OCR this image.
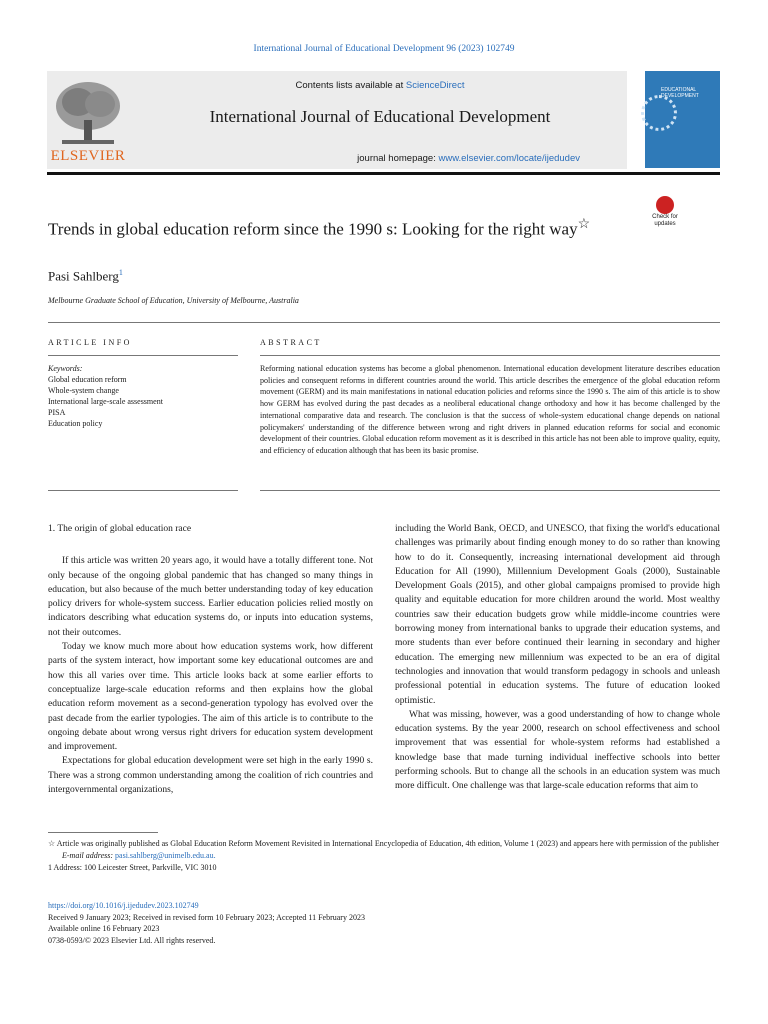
International Journal of Educational Development 96 (2023) 102749
ELSEVIER
Contents lists available at ScienceDirect
International Journal of Educational Development
journal homepage: www.elsevier.com/locate/ijedudev
EDUCATIONAL DEVELOPMENT
Trends in global education reform since the 1990 s: Looking for the right way☆	Check for updates
Pasi Sahlberg$^1$
Melbourne Graduate School of Education, University of Melbourne, Australia
ARTICLE INFO	ABSTRACT
Keywords:
Global education reform
Whole-system change
International large-scale assessment
PISA
Education policy
Reforming national education systems has become a global phenomenon. International education development literature describes education policies and consequent reforms in different countries around the world. This article describes the emergence of the global education reform movement (GERM) and its main manifestations in national education policies and reforms since the 1990 s. The aim of this article is to show how GERM has evolved during the past decades as a neoliberal educational change orthodoxy and how it has become challenged by the international comparative data and research. The conclusion is that the success of whole-system educational change depends on national policymakers' understanding of the difference between wrong and right drivers in planned education reforms for social and economic development of their countries. Global education reform movement as it is described in this article has not been able to improve quality, equity, and efficiency of education although that has been its basic promise.
1. The origin of global education race

If this article was written 20 years ago, it would have a totally different tone. Not only because of the ongoing global pandemic that has changed so many things in education, but also because of the much better understanding today of key education policy drivers for whole-system success. Earlier education policies relied mostly on indicators describing what education systems do, or inputs into education systems, not their outcomes.

Today we know much more about how education systems work, how different parts of the system interact, how important some key educational outcomes are and how this all varies over time. This article looks back at some earlier efforts to conceptualize large-scale education reforms and then explains how the global education reform movement as a second-generation typology has evolved over the past decade from the earlier typologies. The aim of this article is to contribute to the ongoing debate about wrong versus right drivers for education system development and improvement.

Expectations for global education development were set high in the early 1990 s. There was a strong common understanding among the coalition of rich countries and intergovernmental organizations,

including the World Bank, OECD, and UNESCO, that fixing the world's educational challenges was primarily about finding enough money to do so rather than knowing how to do it. Consequently, increasing international development aid through Education for All (1990), Millennium Development Goals (2000), Sustainable Development Goals (2015), and other global campaigns promised to provide high quality and equitable education for more children around the world. Most wealthy countries saw their education budgets grow while middle-income countries were borrowing money from international banks to upgrade their education systems, and more students than ever before continued their learning in secondary and higher education. The emerging new millennium was expected to be an era of digital technologies and innovation that would transform pedagogy in schools and unleash professional potential in education systems. The future of education looked optimistic.

What was missing, however, was a good understanding of how to change whole education systems. By the year 2000, research on school effectiveness and school improvement that was essential for whole-system reforms had established a knowledge base that made turning individual ineffective schools into better performing schools. But to change all the schools in an education system was much more difficult. One challenge was that large-scale education reforms that aim to

☆ Article was originally published as Global Education Reform Movement Revisited in International Encyclopedia of Education, 4th edition, Volume 1 (2023) and appears here with permission of the publisher
E-mail address: pasi.sahlberg@unimelb.edu.au.
1 Address: 100 Leicester Street, Parkville, VIC 3010
https://doi.org/10.1016/j.ijedudev.2023.102749
Received 9 January 2023; Received in revised form 10 February 2023; Accepted 11 February 2023
Available online 16 February 2023
0738-0593/© 2023 Elsevier Ltd. All rights reserved.
